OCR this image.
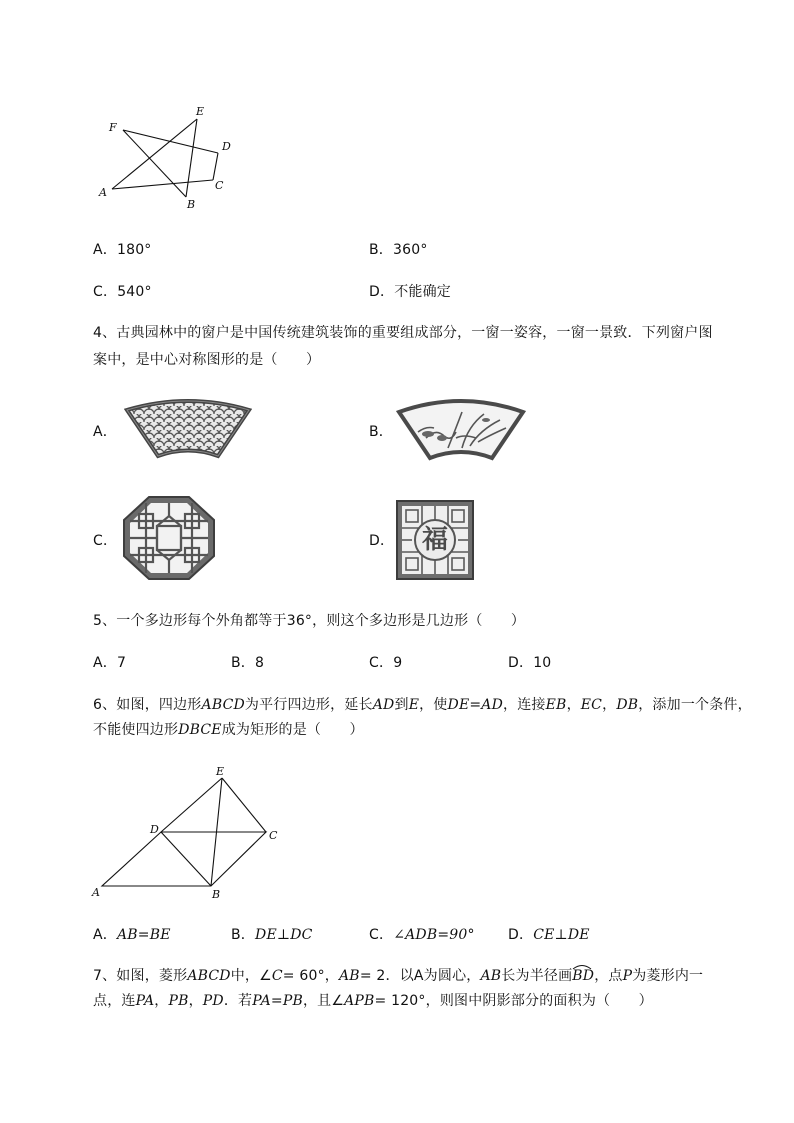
A
B
C
D
E
F
A．180°	B．360°
C．540°	D．不能确定
4、古典园林中的窗户是中国传统建筑装饰的重要组成部分，一窗一姿容，一窗一景致．下列窗户图
案中，是中心对称图形的是（　　）
A．	B．
C．	D． 福
5、一个多边形每个外角都等于36°，则这个多边形是几边形（　　）
A．7	B．8	C．9	D．10
6、如图，四边形ABCD为平行四边形，延长AD到E，使DE=AD，连接EB，EC，DB，添加一个条件，
不能使四边形DBCE成为矩形的是（　　）
A	B
C
D
E
A．AB=BE	B．DE⊥DC	C．∠ADB=90° D．CE⊥DE
7、如图，菱形ABCD中，∠C= 60°，AB= 2．以A为圆心，AB长为半径画BD
，点P为菱形内一
点，连PA，PB，PD．若PA=PB，且∠APB= 120°，则图中阴影部分的面积为（　　）
